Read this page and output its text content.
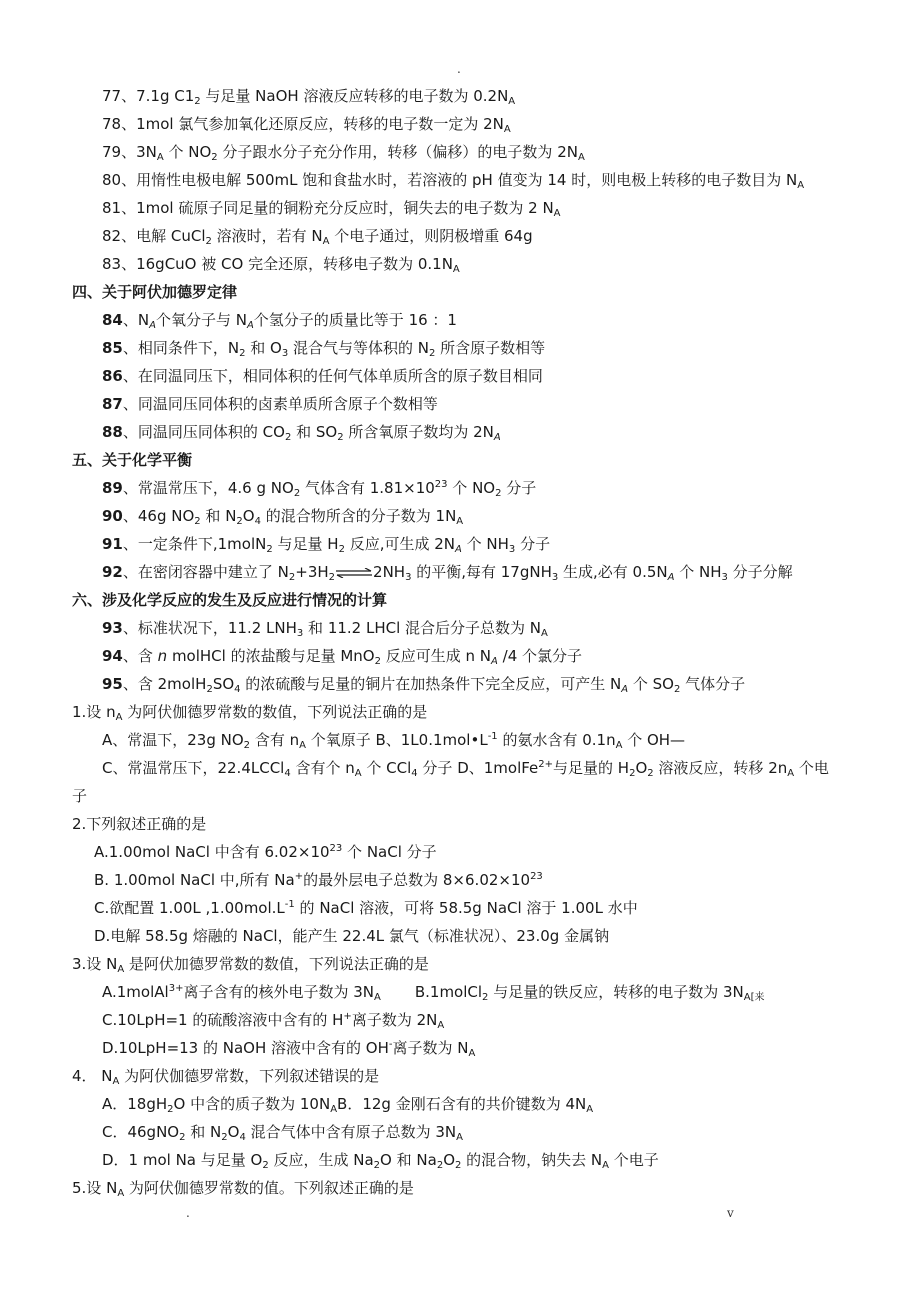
.
77、7.1g $C1_2$ 与足量 NaOH 溶液反应转移的电子数为 $0.2N_A$
78、1mol 氯气参加氧化还原反应，转移的电子数一定为 $2N_A$
79、$3N_A$ 个 $NO_2$ 分子跟水分子充分作用，转移（偏移）的电子数为 $2N_A$
80、用惰性电极电解 500mL 饱和食盐水时，若溶液的 pH 值变为 14 时，则电极上转移的电子数目为 $N_A$
81、1mol 硫原子同足量的铜粉充分反应时，铜失去的电子数为 2 $N_A$
82、电解 CuCl$_2$ 溶液时，若有 $N_A$ 个电子通过，则阴极增重 64g
83、16gCuO 被 CO 完全还原，转移电子数为 $0.1N_A$
四、关于阿伏加德罗定律
84、$N_A$个氧分子与 $N_A$个氢分子的质量比等于 16 ：1
85、相同条件下，$N_2$ 和 $O_3$ 混合气与等体积的 $N_2$ 所含原子数相等
86、在同温同压下，相同体积的任何气体单质所含的原子数目相同
87、同温同压同体积的卤素单质所含原子个数相等
88、同温同压同体积的 $CO_2$ 和 $SO_2$ 所含氧原子数均为 $2N_A$
五、关于化学平衡
89、常温常压下，4.6 g $NO_2$ 气体含有 $1.81\times 10^{23}$ 个 $NO_2$ 分子
90、46g $NO_2$ 和 $N_2O_4$ 的混合物所含的分子数为 $1N_A$
91、一定条件下,1molN$_2$ 与足量 $H_2$ 反应,可生成 $2N_A$ 个 $NH_3$ 分子
92、在密闭容器中建立了 $N_2+3H_2\rightleftharpoons 2NH_3$ 的平衡,每有 17gNH$_3$ 生成,必有 $0.5N_A$ 个 $NH_3$ 分子分解
六、涉及化学反应的发生及反应进行情况的计算
93、标准状况下，11.2 $LNH_3$ 和 11.2 LHCl 混合后分子总数为 $N_A$
94、含 n molHCl 的浓盐酸与足量 MnO$_2$ 反应可生成 n $N_A$ /4 个氯分子
95、含 $2molH_2SO_4$ 的浓硫酸与足量的铜片在加热条件下完全反应，可产生 $N_A$ 个 $SO_2$ 气体分子
1.设 $n_A$ 为阿伏伽德罗常数的数值，下列说法正确的是
A、常温下，23g $NO_2$ 含有 $n_A$ 个氧原子 B、$1L0.1mol•L^{-1}$ 的氨水含有 $0.1n_A$ 个 OH—
C、常温常压下，22.4LCCl$_4$ 含有个 $n_A$ 个 CCl$_4$ 分子 D、1molFe$^{2+}$与足量的 $H_2O_2$ 溶液反应，转移 $2n_A$ 个电
子
2.下列叙述正确的是
A.1.00mol NaCl 中含有 $6.02\times 10^{23}$ 个 NaCl 分子
B. 1.00mol NaCl 中,所有 Na+的最外层电子总数为 $8\times 6.02\times 10^{23}$
C.欲配置 1.00L $,1.00mol.L^{-1}$ 的 NaCl 溶液，可将 58.5g NaCl 溶于 1.00L 水中
D.电解 58.5g 熔融的 NaCl，能产生 22.4L 氯气（标准状况）、23.0g 金属钠
3.设 $N_A$ 是阿伏加德罗常数的数值，下列说法正确的是
A.1molAl$^{3+}$离子含有的核外电子数为 $3N_A$ B.1molCl$_2$ 与足量的铁反应，转移的电子数为 $3N_{A[来}$
C.10LpH=1 的硫酸溶液中含有的 H+离子数为 $2N_A$
D.10LpH=13 的 NaOH 溶液中含有的 OH-离子数为 $N_A$
4． $N_A$ 为阿伏伽德罗常数，下列叙述错误的是
A．$18gH_2O$ 中含的质子数为 $10N_AB$．12g 金刚石含有的共价键数为 $4N_A$
C．46gNO$_2$ 和 $N_2O_4$ 混合气体中含有原子总数为 $3N_A$
D．1 mol Na 与足量 $O_2$ 反应，生成 $Na_2O$ 和 $Na_2O_2$ 的混合物，钠失去 $N_A$ 个电子
5.设 $N_A$ 为阿伏伽德罗常数的值。下列叙述正确的是
.	v
